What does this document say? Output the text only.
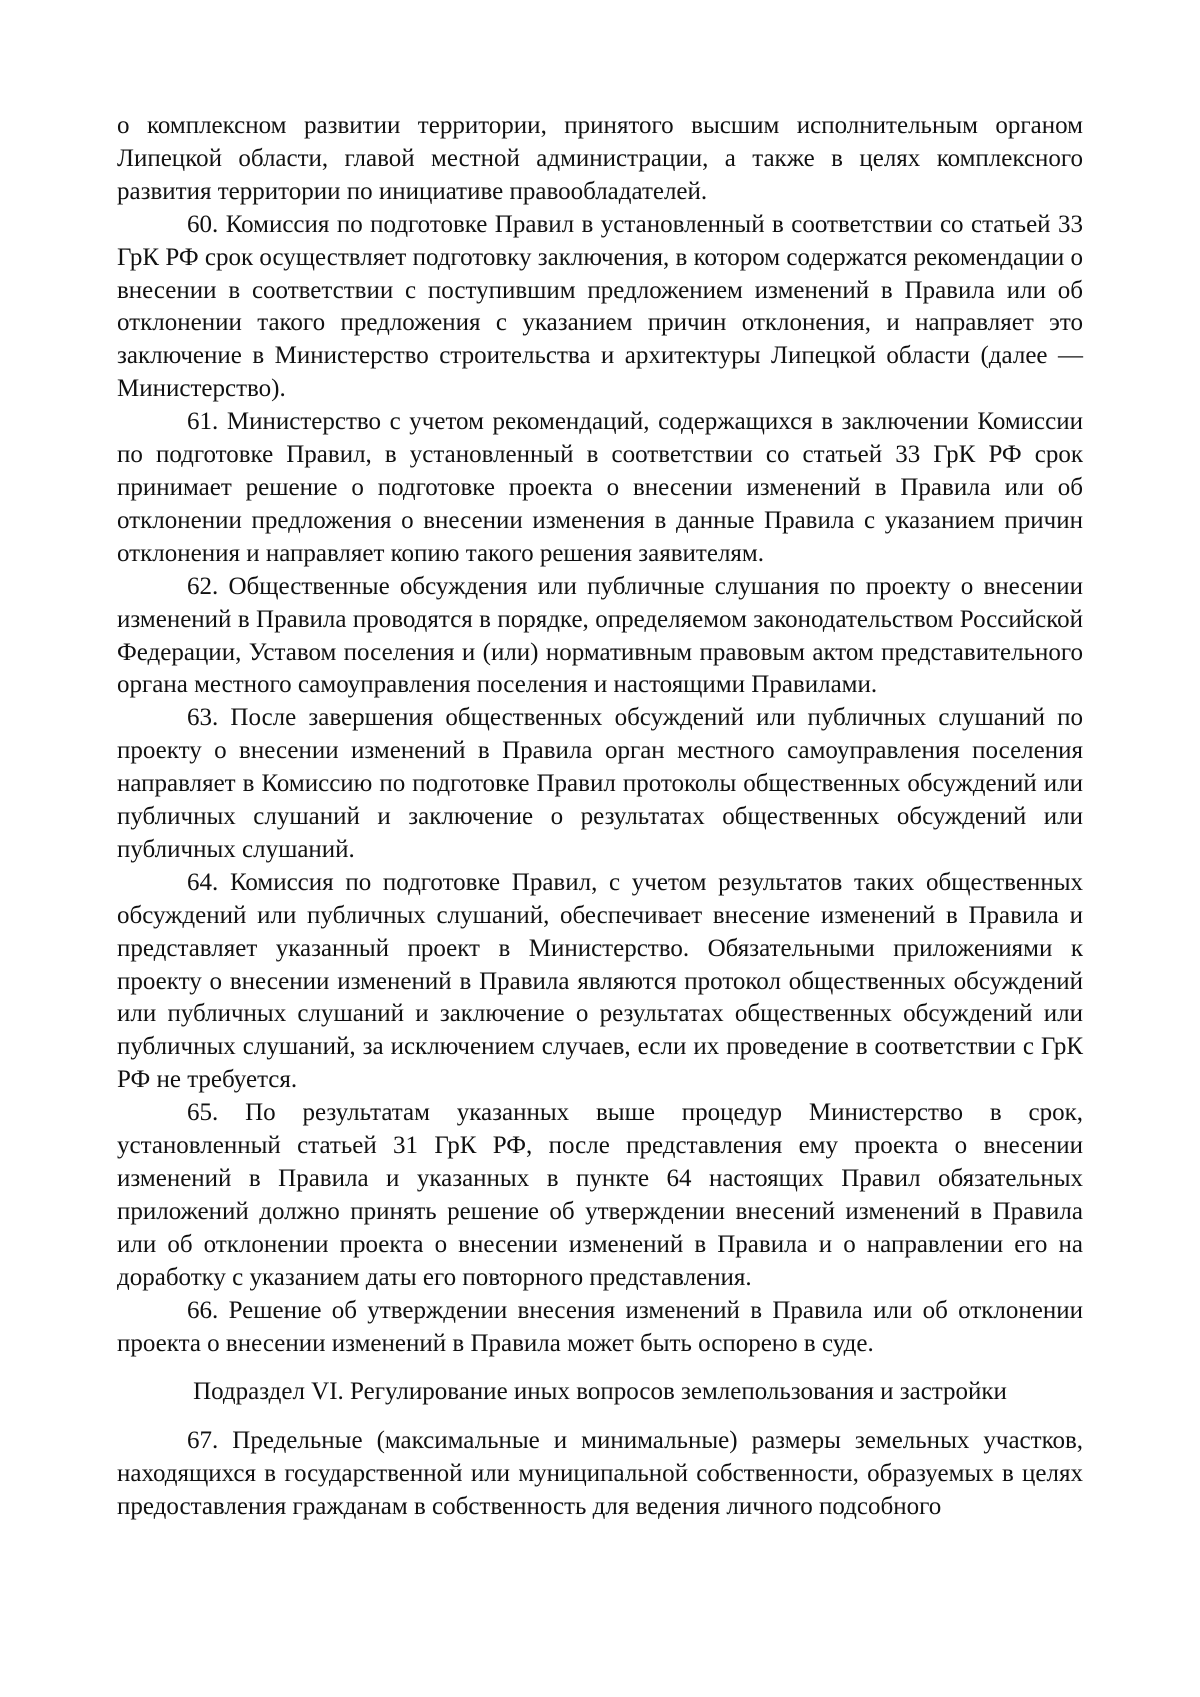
о комплексном развитии территории, принятого высшим исполнительным органом Липецкой области, главой местной администрации, а также в целях комплексного развития территории по инициативе правообладателей.

60. Комиссия по подготовке Правил в установленный в соответствии со статьей 33 ГрК РФ срок осуществляет подготовку заключения, в котором содержатся рекомендации о внесении в соответствии с поступившим предложением изменений в Правила или об отклонении такого предложения с указанием причин отклонения, и направляет это заключение в Министерство строительства и архитектуры Липецкой области (далее — Министерство).

61. Министерство с учетом рекомендаций, содержащихся в заключении Комиссии по подготовке Правил, в установленный в соответствии со статьей 33 ГрК РФ срок принимает решение о подготовке проекта о внесении изменений в Правила или об отклонении предложения о внесении изменения в данные Правила с указанием причин отклонения и направляет копию такого решения заявителям.

62. Общественные обсуждения или публичные слушания по проекту о внесении изменений в Правила проводятся в порядке, определяемом законодательством Российской Федерации, Уставом поселения и (или) нормативным правовым актом представительного органа местного самоуправления поселения и настоящими Правилами.

63. После завершения общественных обсуждений или публичных слушаний по проекту о внесении изменений в Правила орган местного самоуправления поселения направляет в Комиссию по подготовке Правил протоколы общественных обсуждений или публичных слушаний и заключение о результатах общественных обсуждений или публичных слушаний.

64. Комиссия по подготовке Правил, с учетом результатов таких общественных обсуждений или публичных слушаний, обеспечивает внесение изменений в Правила и представляет указанный проект в Министерство. Обязательными приложениями к проекту о внесении изменений в Правила являются протокол общественных обсуждений или публичных слушаний и заключение о результатах общественных обсуждений или публичных слушаний, за исключением случаев, если их проведение в соответствии с ГрК РФ не требуется.

65. По результатам указанных выше процедур Министерство в срок, установленный статьей 31 ГрК РФ, после представления ему проекта о внесении изменений в Правила и указанных в пункте 64 настоящих Правил обязательных приложений должно принять решение об утверждении внесений изменений в Правила или об отклонении проекта о внесении изменений в Правила и о направлении его на доработку с указанием даты его повторного представления.

66. Решение об утверждении внесения изменений в Правила или об отклонении проекта о внесении изменений в Правила может быть оспорено в суде.

Подраздел VI. Регулирование иных вопросов землепользования и застройки

67. Предельные (максимальные и минимальные) размеры земельных участков, находящихся в государственной или муниципальной собственности, образуемых в целях предоставления гражданам в собственность для ведения личного подсобного
